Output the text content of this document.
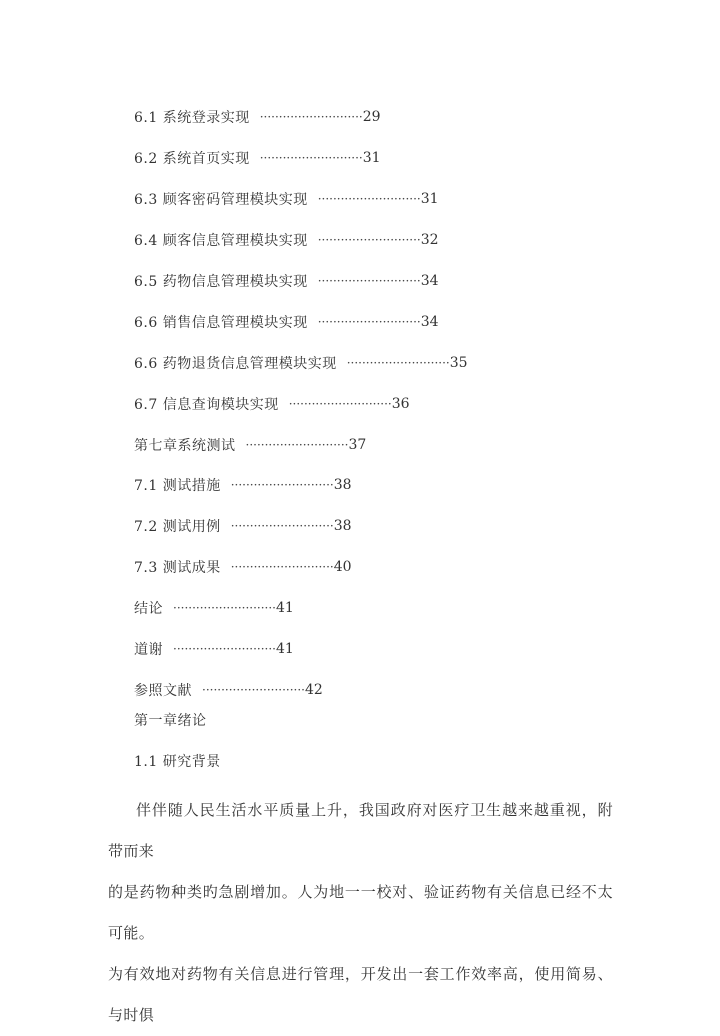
6.1 系统登录实现 ··························· 29
6.2 系统首页实现 ··························· 31
6.3 顾客密码管理模块实现 ··························· 31
6.4 顾客信息管理模块实现 ··························· 32
6.5 药物信息管理模块实现 ··························· 34
6.6 销售信息管理模块实现 ··························· 34
6.6 药物退货信息管理模块实现 ··························· 35
6.7 信息查询模块实现 ··························· 36
第七章系统测试 ··························· 37
7.1 测试措施 ··························· 38
7.2 测试用例 ··························· 38
7.3 测试成果 ··························· 40
结论 ··························· 41
道谢 ··························· 41
参照文献 ··························· 42
第一章绪论
1.1 研究背景

伴伴随人民生活水平质量上升，我国政府对医疗卫生越来越重视，附带而来

的是药物种类旳急剧增加。人为地一一校对、验证药物有关信息已经不太可能。

为有效地对药物有关信息进行管理，开发出一套工作效率高，使用简易、与时俱
